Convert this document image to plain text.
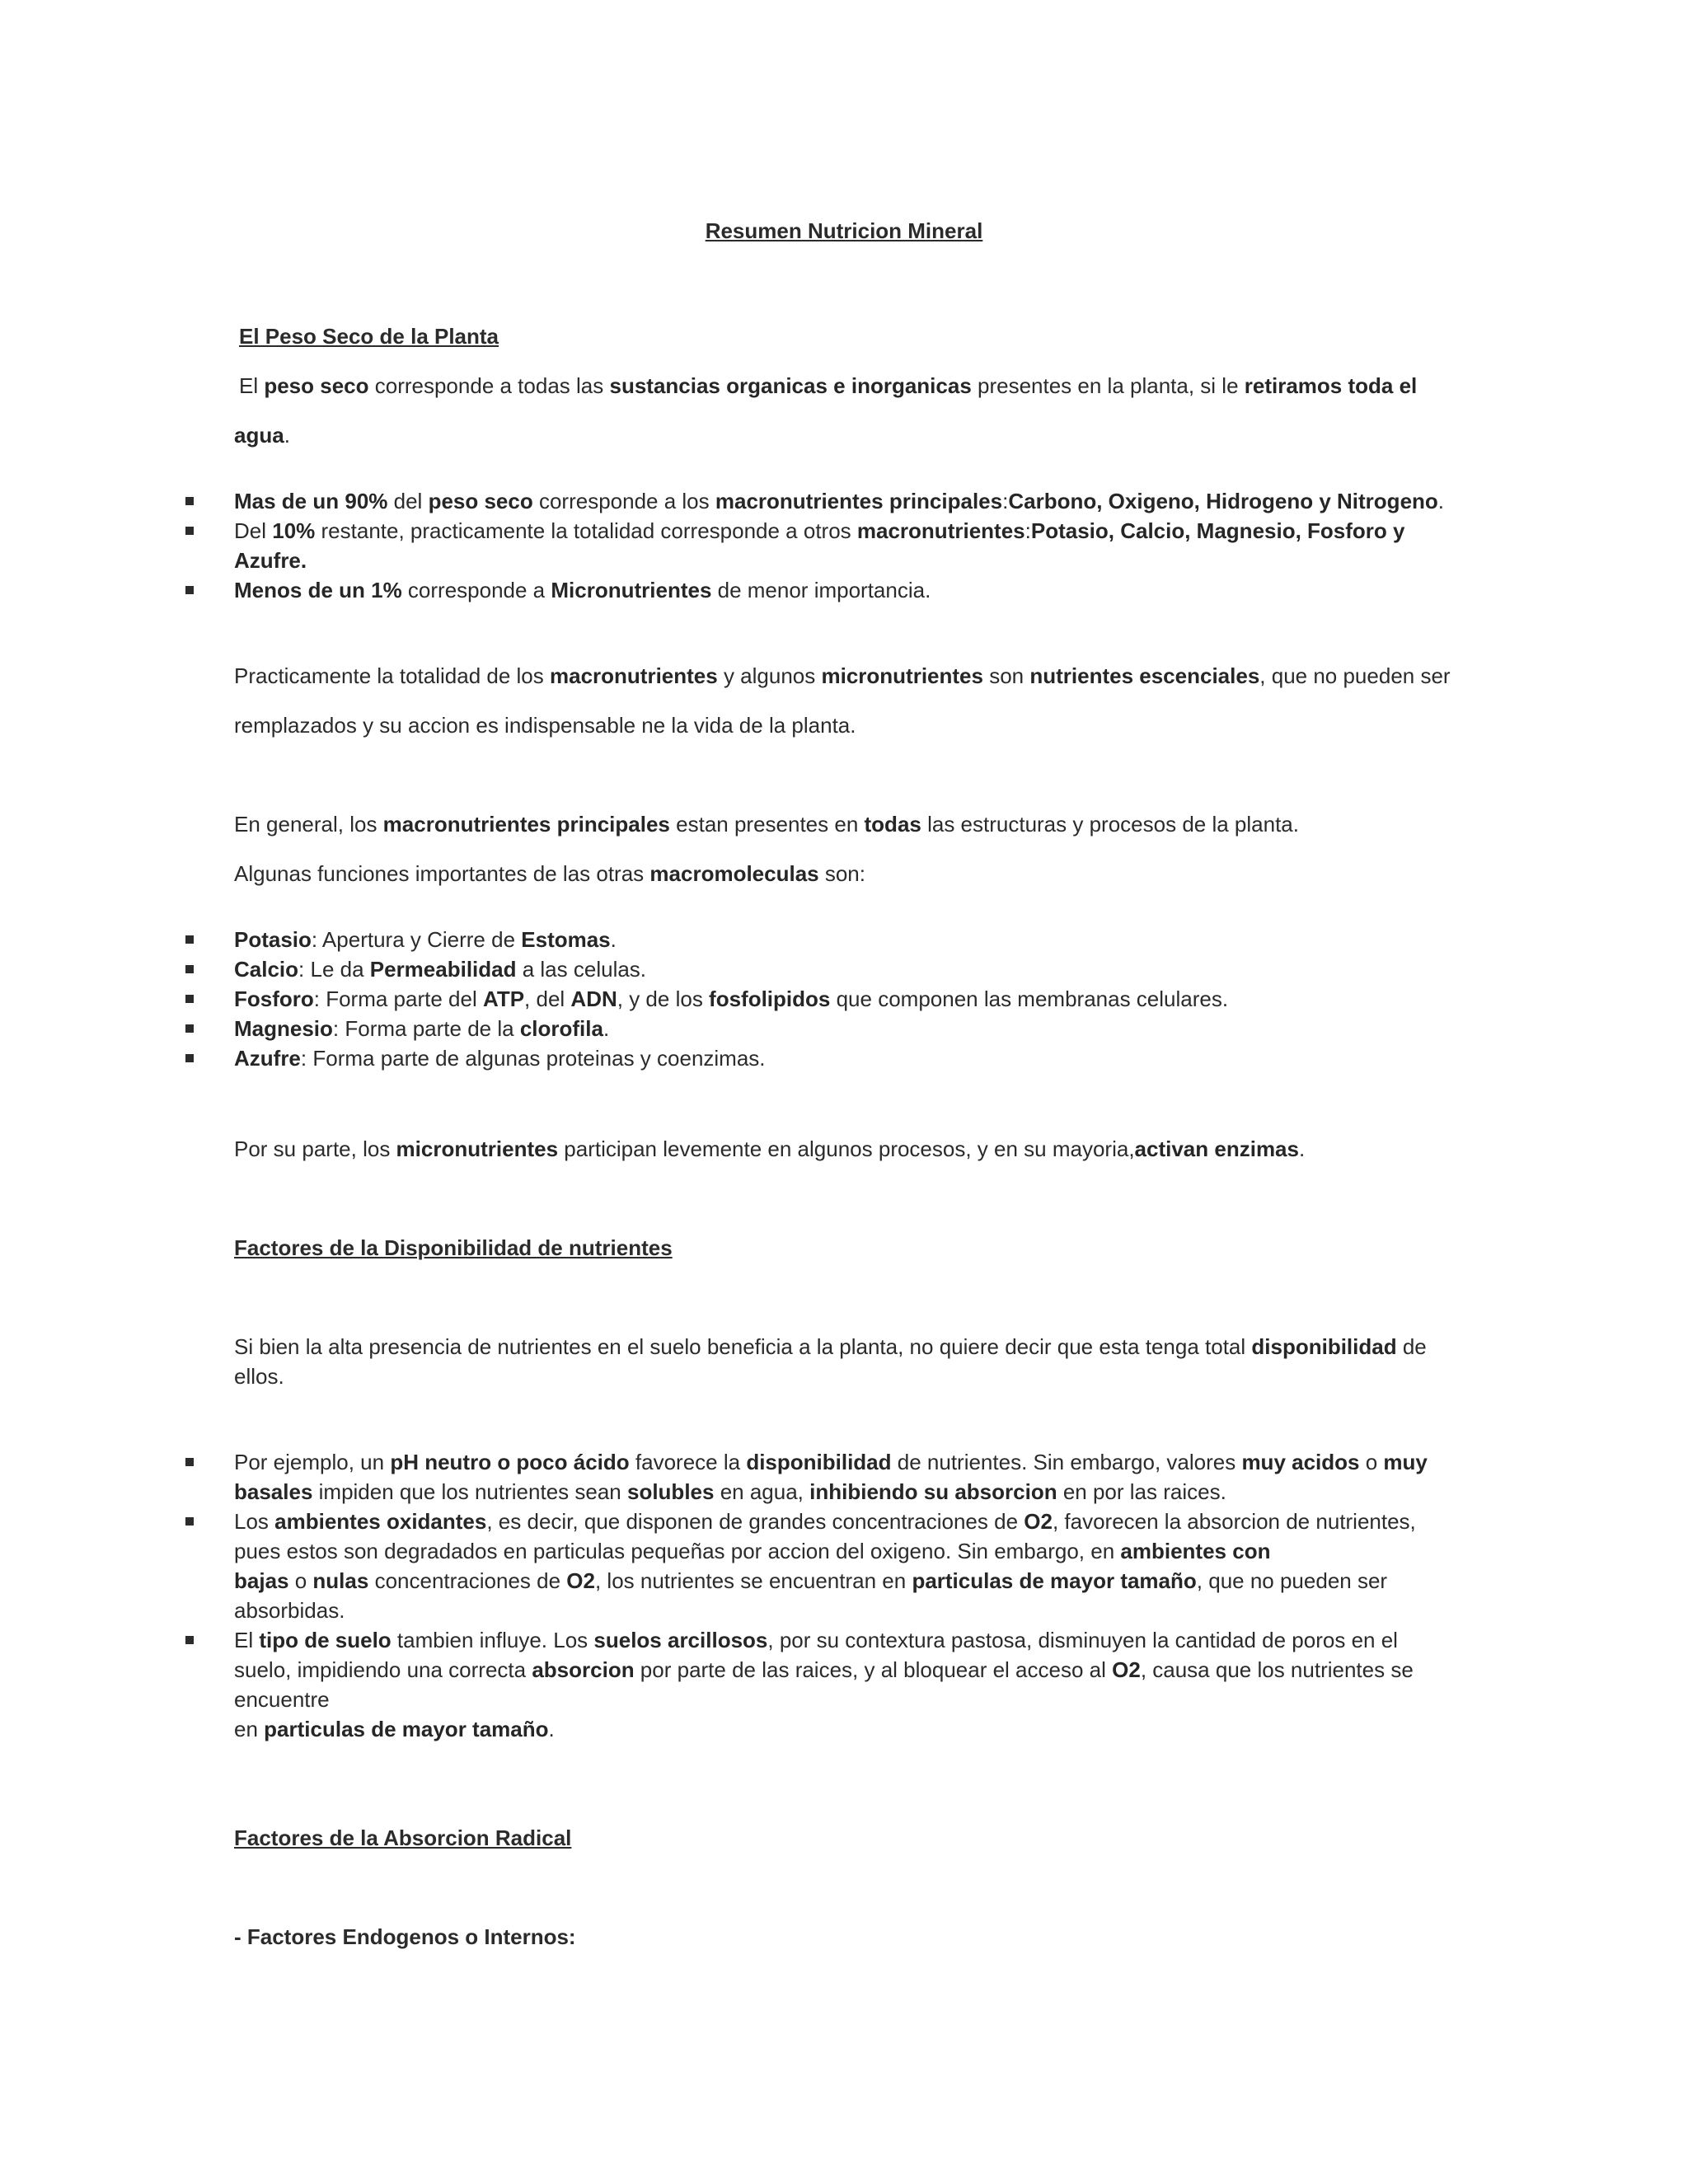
Resumen Nutricion Mineral
El Peso Seco de la Planta
El peso seco corresponde a todas las sustancias organicas e inorganicas presentes en la planta, si le retiramos toda el
agua.
Mas de un 90% del peso seco corresponde a los macronutrientes principales:Carbono, Oxigeno, Hidrogeno y Nitrogeno.
Del 10% restante, practicamente la totalidad corresponde a otros macronutrientes:Potasio, Calcio, Magnesio, Fosforo y Azufre.
Menos de un 1% corresponde a Micronutrientes de menor importancia.
Practicamente la totalidad de los macronutrientes y algunos micronutrientes son nutrientes escenciales, que no pueden ser
remplazados y su accion es indispensable ne la vida de la planta.
En general, los macronutrientes principales estan presentes en todas las estructuras y procesos de la planta.
Algunas funciones importantes de las otras macromoleculas son:
Potasio: Apertura y Cierre de Estomas.
Calcio: Le da Permeabilidad a las celulas.
Fosforo: Forma parte del ATP, del ADN, y de los fosfolipidos que componen las membranas celulares.
Magnesio: Forma parte de la clorofila.
Azufre: Forma parte de algunas proteinas y coenzimas.
Por su parte, los micronutrientes participan levemente en algunos procesos, y en su mayoria,activan enzimas.
Factores de la Disponibilidad de nutrientes
Si bien la alta presencia de nutrientes en el suelo beneficia a la planta, no quiere decir que esta tenga total disponibilidad de ellos.
Por ejemplo, un pH neutro o poco ácido favorece la disponibilidad de nutrientes. Sin embargo, valores muy acidos o muy basales impiden que los nutrientes sean solubles en agua, inhibiendo su absorcion en por las raices.
Los ambientes oxidantes, es decir, que disponen de grandes concentraciones de O2, favorecen la absorcion de nutrientes, pues estos son degradados en particulas pequeñas por accion del oxigeno. Sin embargo, en ambientes con
bajas o nulas concentraciones de O2, los nutrientes se encuentran en particulas de mayor tamaño, que no pueden ser absorbidas.
El tipo de suelo tambien influye. Los suelos arcillosos, por su contextura pastosa, disminuyen la cantidad de poros en el suelo, impidiendo una correcta absorcion por parte de las raices, y al bloquear el acceso al O2, causa que los nutrientes se encuentre
en particulas de mayor tamaño.
Factores de la Absorcion Radical
- Factores Endogenos o Internos:
